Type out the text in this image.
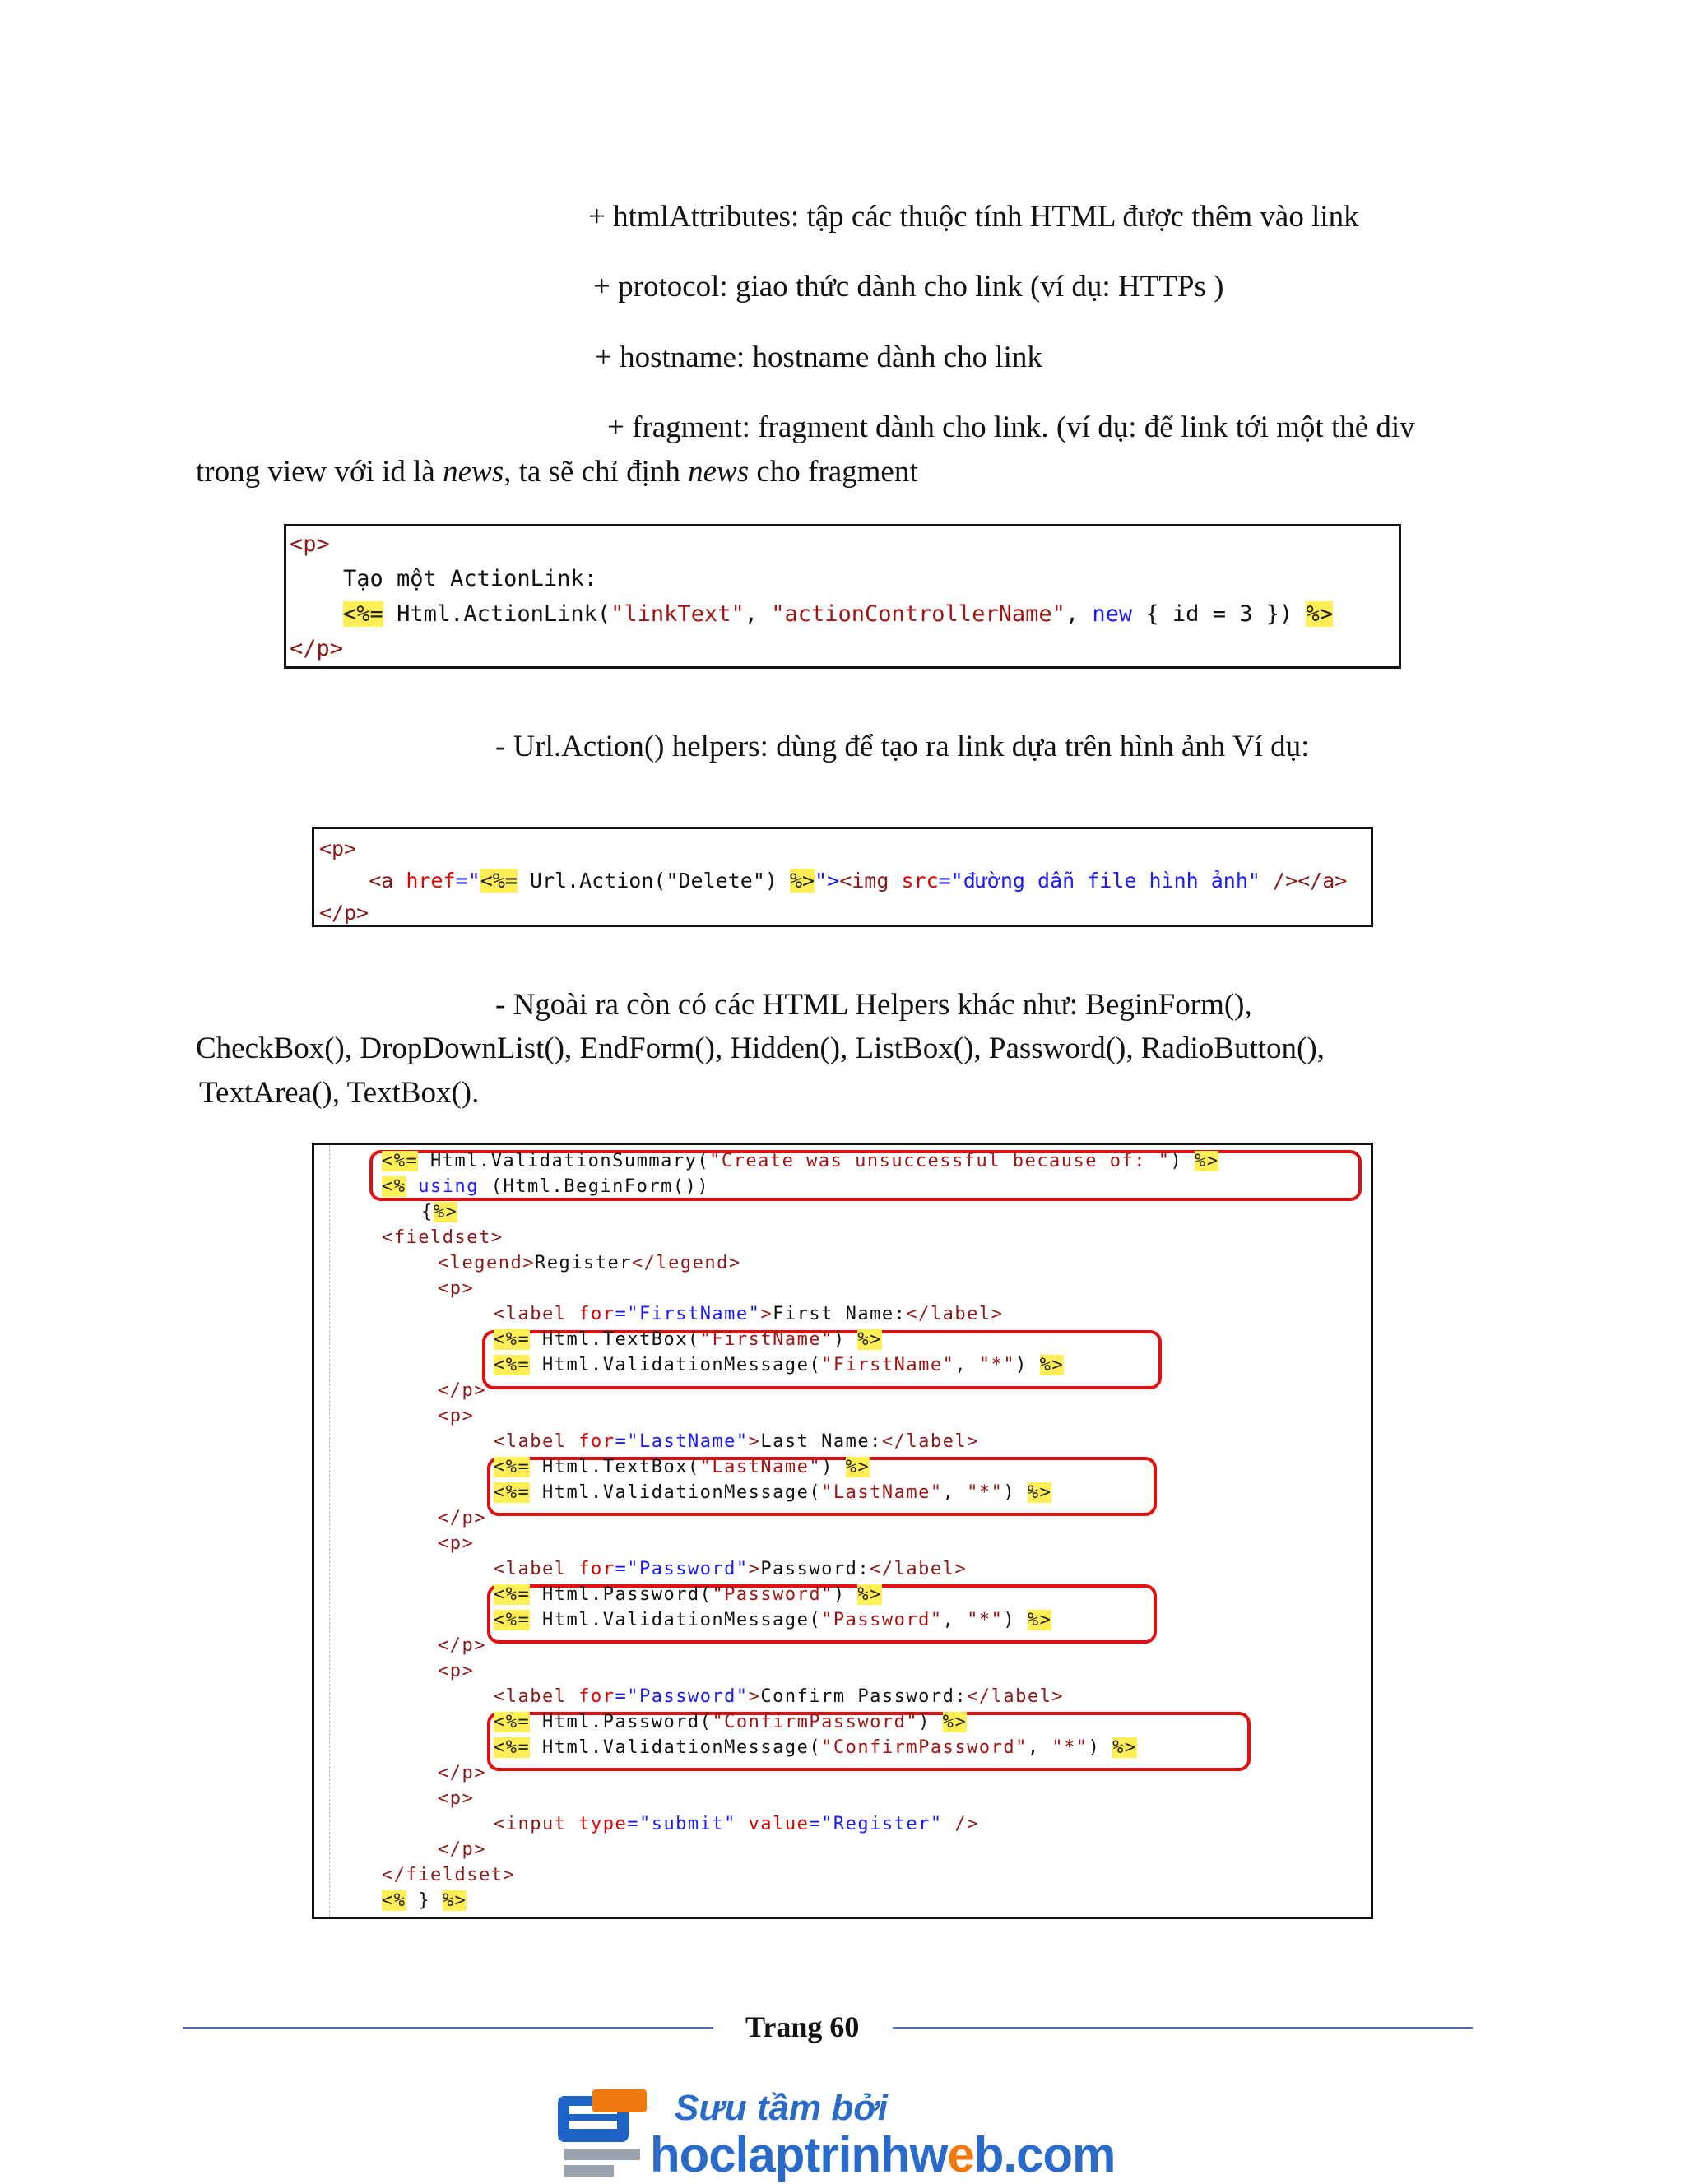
+ htmlAttributes: tập các thuộc tính HTML được thêm vào link
+ protocol: giao thức dành cho link (ví dụ: HTTPs )
+ hostname: hostname dành cho link
+ fragment: fragment dành cho link. (ví dụ: để link tới một thẻ div
trong view với id là news, ta sẽ chỉ định news cho fragment
<p>
Tạo một ActionLink:
<%= Html.ActionLink("linkText", "actionControllerName", new { id = 3 }) %>
</p>
- Url.Action() helpers: dùng để tạo ra link dựa trên hình ảnh Ví dụ:
<p>
<a href="<%= Url.Action("Delete") %>"><img src="đường dẫn file hình ảnh" /></a>
</p>
- Ngoài ra còn có các HTML Helpers khác như: BeginForm(),
CheckBox(), DropDownList(), EndForm(), Hidden(), ListBox(), Password(), RadioButton(),
TextArea(), TextBox().
<%= Html.ValidationSummary("Create was unsuccessful because of: ") %>
<% using (Html.BeginForm())
{%>
<fieldset>
<legend>Register</legend>
<p>
<label for="FirstName">First Name:</label>
<%= Html.TextBox("FirstName") %>
<%= Html.ValidationMessage("FirstName", "*") %>
</p>
<p>
<label for="LastName">Last Name:</label>
<%= Html.TextBox("LastName") %>
<%= Html.ValidationMessage("LastName", "*") %>
</p>
<p>
<label for="Password">Password:</label>
<%= Html.Password("Password") %>
<%= Html.ValidationMessage("Password", "*") %>
</p>
<p>
<label for="Password">Confirm Password:</label>
<%= Html.Password("ConfirmPassword") %>
<%= Html.ValidationMessage("ConfirmPassword", "*") %>
</p>
<p>
<input type="submit" value="Register" />
</p>
</fieldset>
<% } %>
Trang 60
Sưu tầm bởi
hoclaptrinhweb.com
